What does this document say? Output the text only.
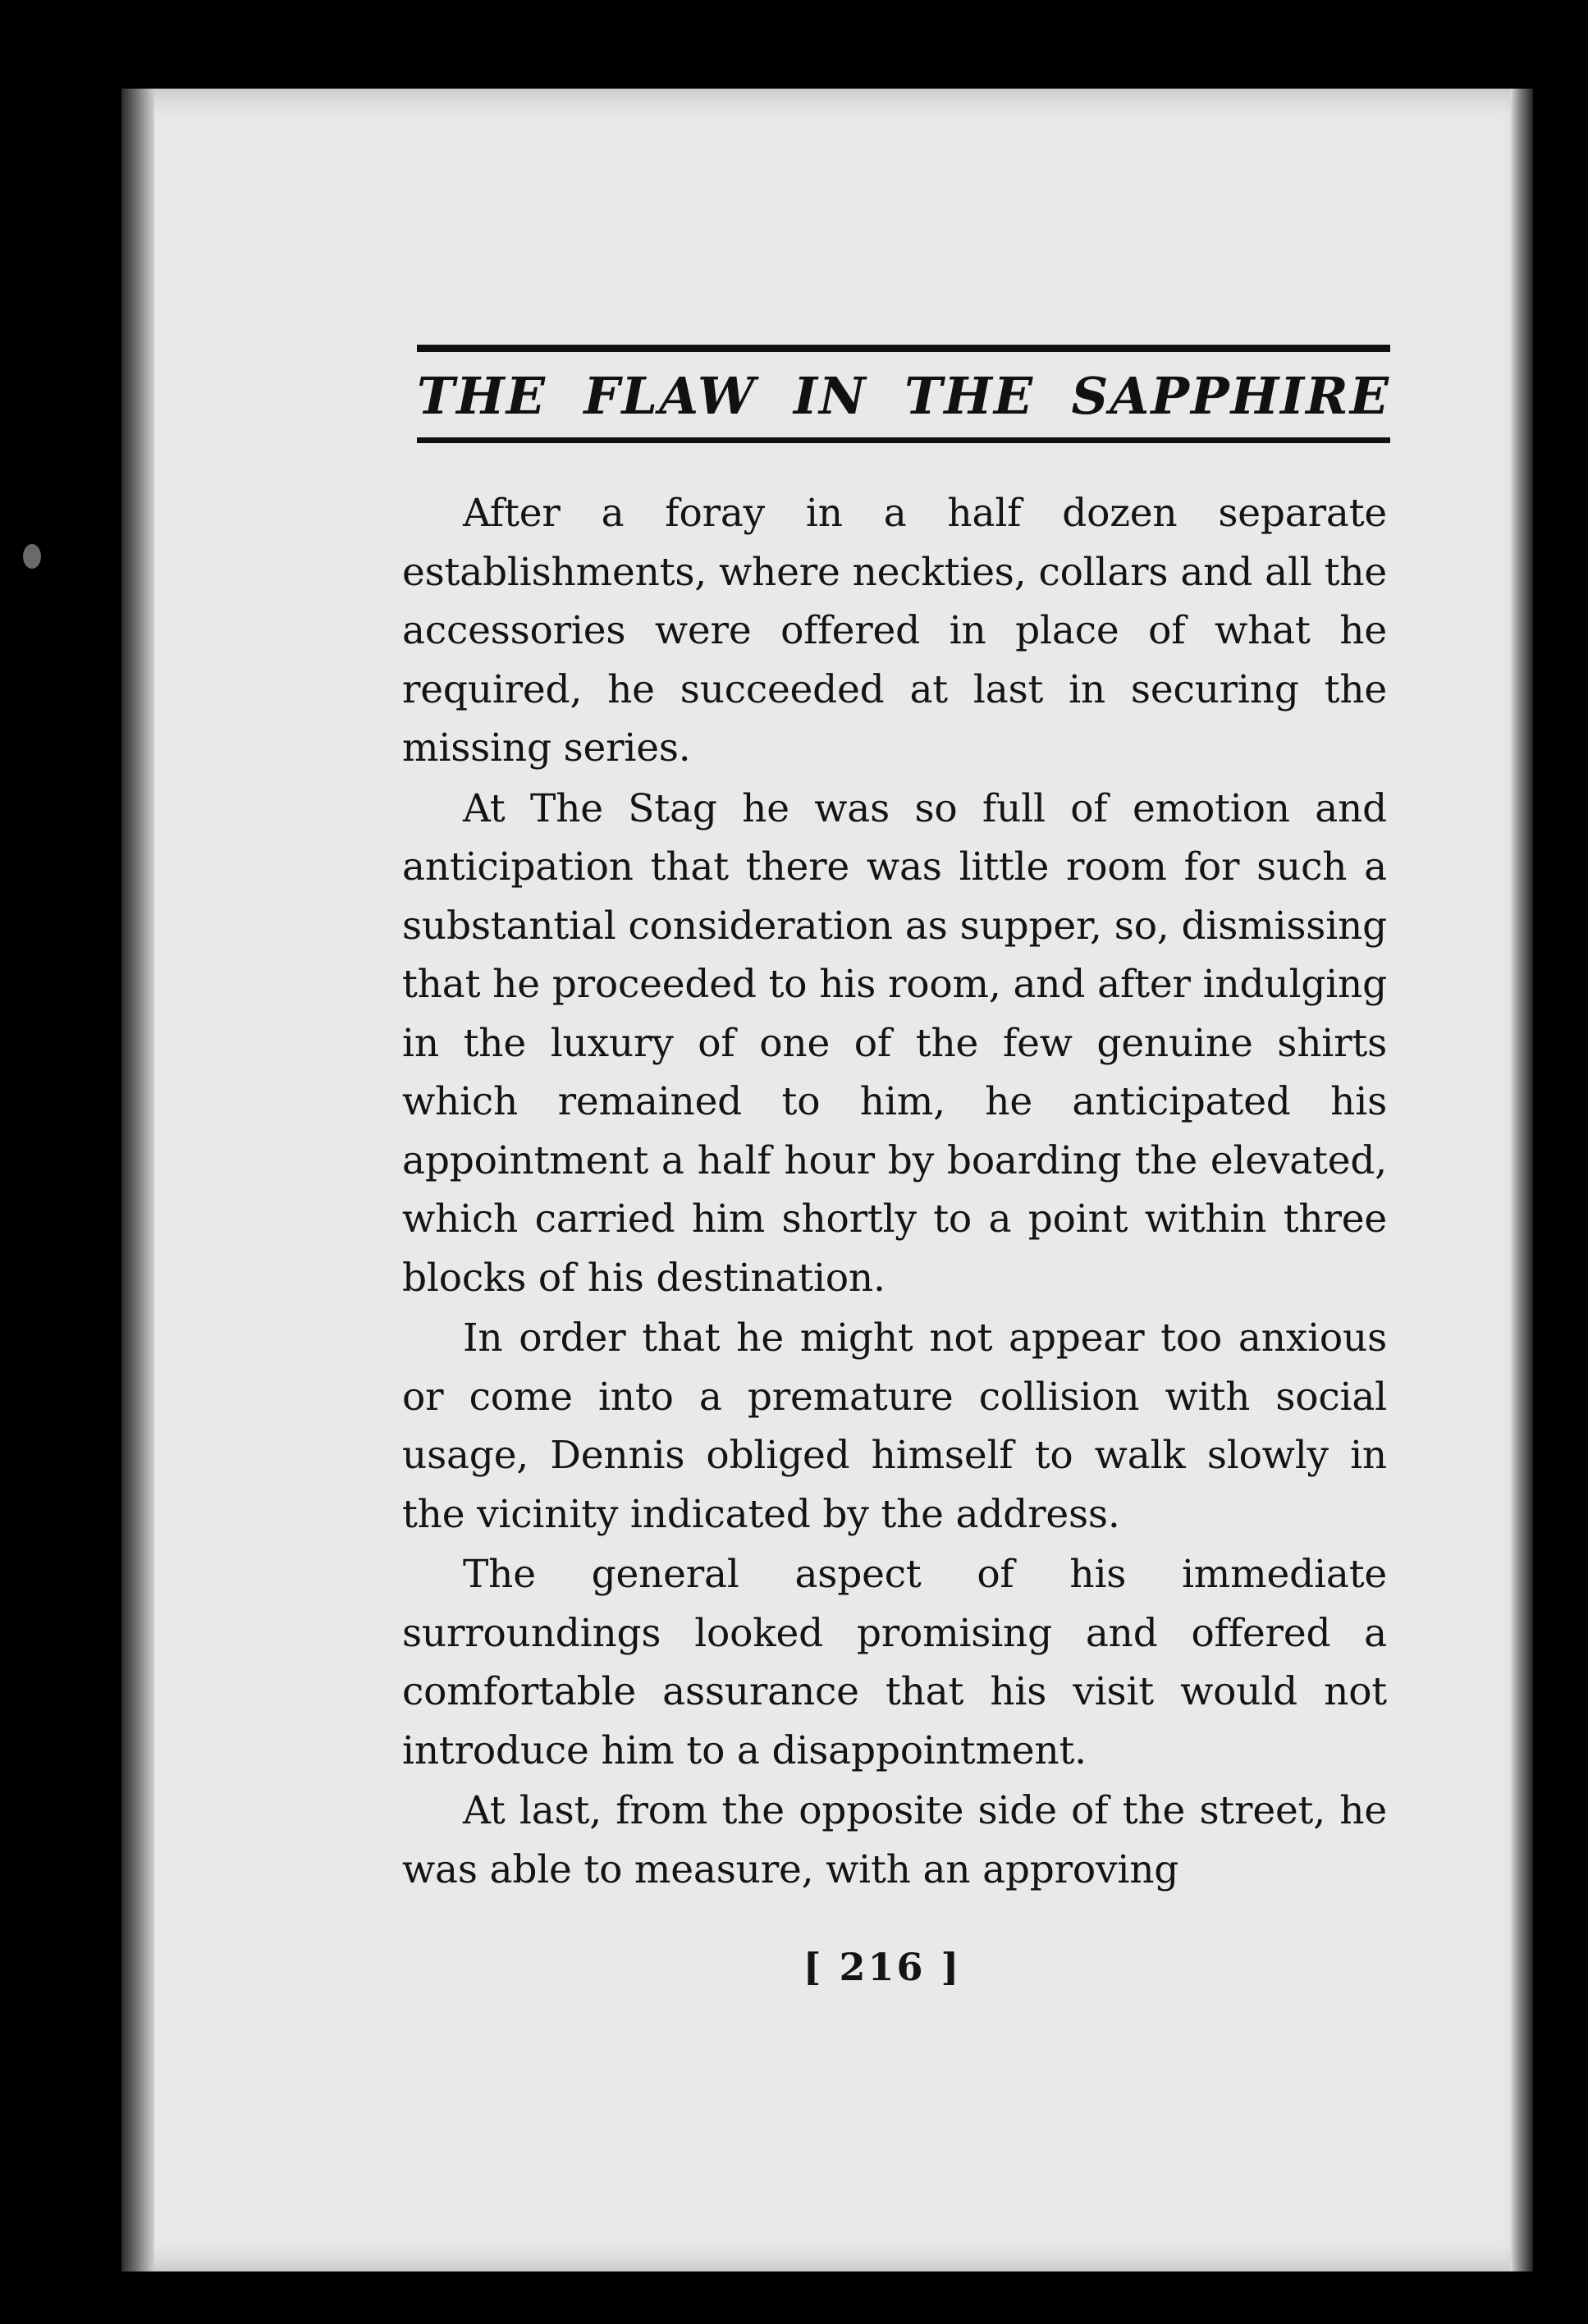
THE FLAW IN THE SAPPHIRE

After a foray in a half dozen separate establishments, where neckties, collars and all the accessories were offered in place of what he required, he succeeded at last in securing the missing series.

At The Stag he was so full of emotion and anticipation that there was little room for such a substantial consideration as supper, so, dismissing that he proceeded to his room, and after indulging in the luxury of one of the few genuine shirts which remained to him, he anticipated his appointment a half hour by boarding the elevated, which carried him shortly to a point within three blocks of his destination.

In order that he might not appear too anxious or come into a premature collision with social usage, Dennis obliged himself to walk slowly in the vicinity indicated by the address.

The general aspect of his immediate surroundings looked promising and offered a comfortable assurance that his visit would not introduce him to a disappointment.

At last, from the opposite side of the street, he was able to measure, with an approving

[ 216 ]
